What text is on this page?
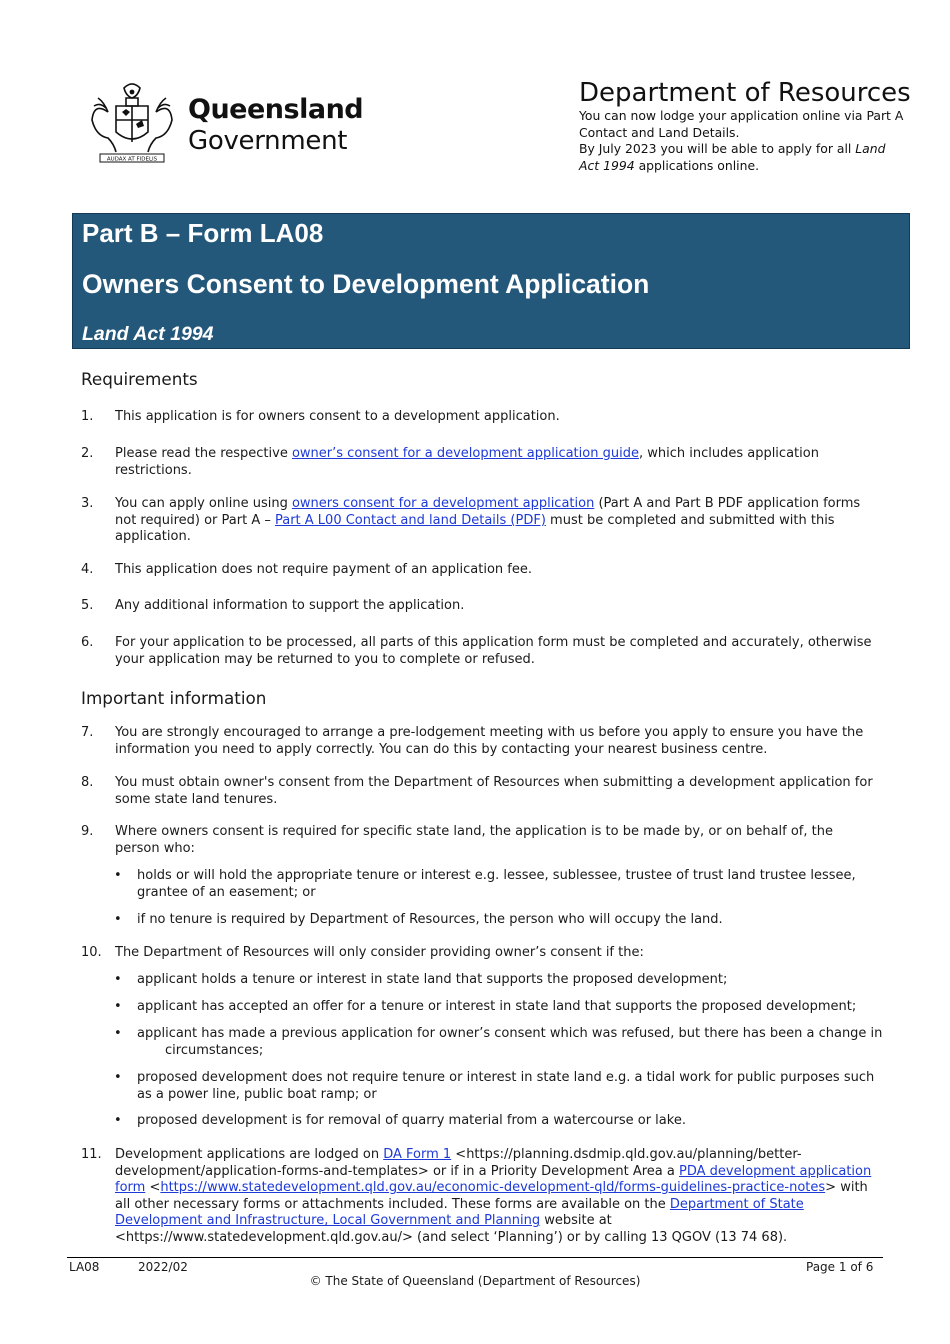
AUDAX AT FIDELIS
Queensland
Government
Department of Resources

You can now lodge your application online via Part A Contact and Land Details.

By July 2023 you will be able to apply for all Land Act 1994 applications online.

Part B – Form LA08
Owners Consent to Development Application
Land Act 1994
Requirements
1. This application is for owners consent to a development application.
2. Please read the respective owner’s consent for a development application guide, which includes application restrictions.
3. You can apply online using owners consent for a development application (Part A and Part B PDF application forms not required) or Part A – Part A L00 Contact and land Details (PDF) must be completed and submitted with this application.
4. This application does not require payment of an application fee.
5. Any additional information to support the application.
6. For your application to be processed, all parts of this application form must be completed and accurately, otherwise your application may be returned to you to complete or refused.
Important information
7. You are strongly encouraged to arrange a pre-lodgement meeting with us before you apply to ensure you have the information you need to apply correctly. You can do this by contacting your nearest business centre.
8. You must obtain owner's consent from the Department of Resources when submitting a development application for some state land tenures.
9. Where owners consent is required for specific state land, the application is to be made by, or on behalf of, the person who:
• holds or will hold the appropriate tenure or interest e.g. lessee, sublessee, trustee of trust land trustee lessee, grantee of an easement; or
• if no tenure is required by Department of Resources, the person who will occupy the land.
10. The Department of Resources will only consider providing owner’s consent if the:
• applicant holds a tenure or interest in state land that supports the proposed development;
• applicant has accepted an offer for a tenure or interest in state land that supports the proposed development;
• applicant has made a previous application for owner’s consent which was refused, but there has been a change in
circumstances;
• proposed development does not require tenure or interest in state land e.g. a tidal work for public purposes such as a power line, public boat ramp; or
• proposed development is for removal of quarry material from a watercourse or lake.
11. Development applications are lodged on DA Form 1 <https://planning.dsdmip.qld.gov.au/planning/better-development/application-forms-and-templates> or if in a Priority Development Area a PDA development application form <https://www.statedevelopment.qld.gov.au/economic-development-qld/forms-guidelines-practice-notes> with all other necessary forms or attachments included. These forms are available on the Department of State Development and Infrastructure, Local Government and Planning website at <https://www.statedevelopment.qld.gov.au/> (and select ‘Planning’) or by calling 13 QGOV (13 74 68).
LA08	2022/02	Page 1 of 6
© The State of Queensland (Department of Resources)
